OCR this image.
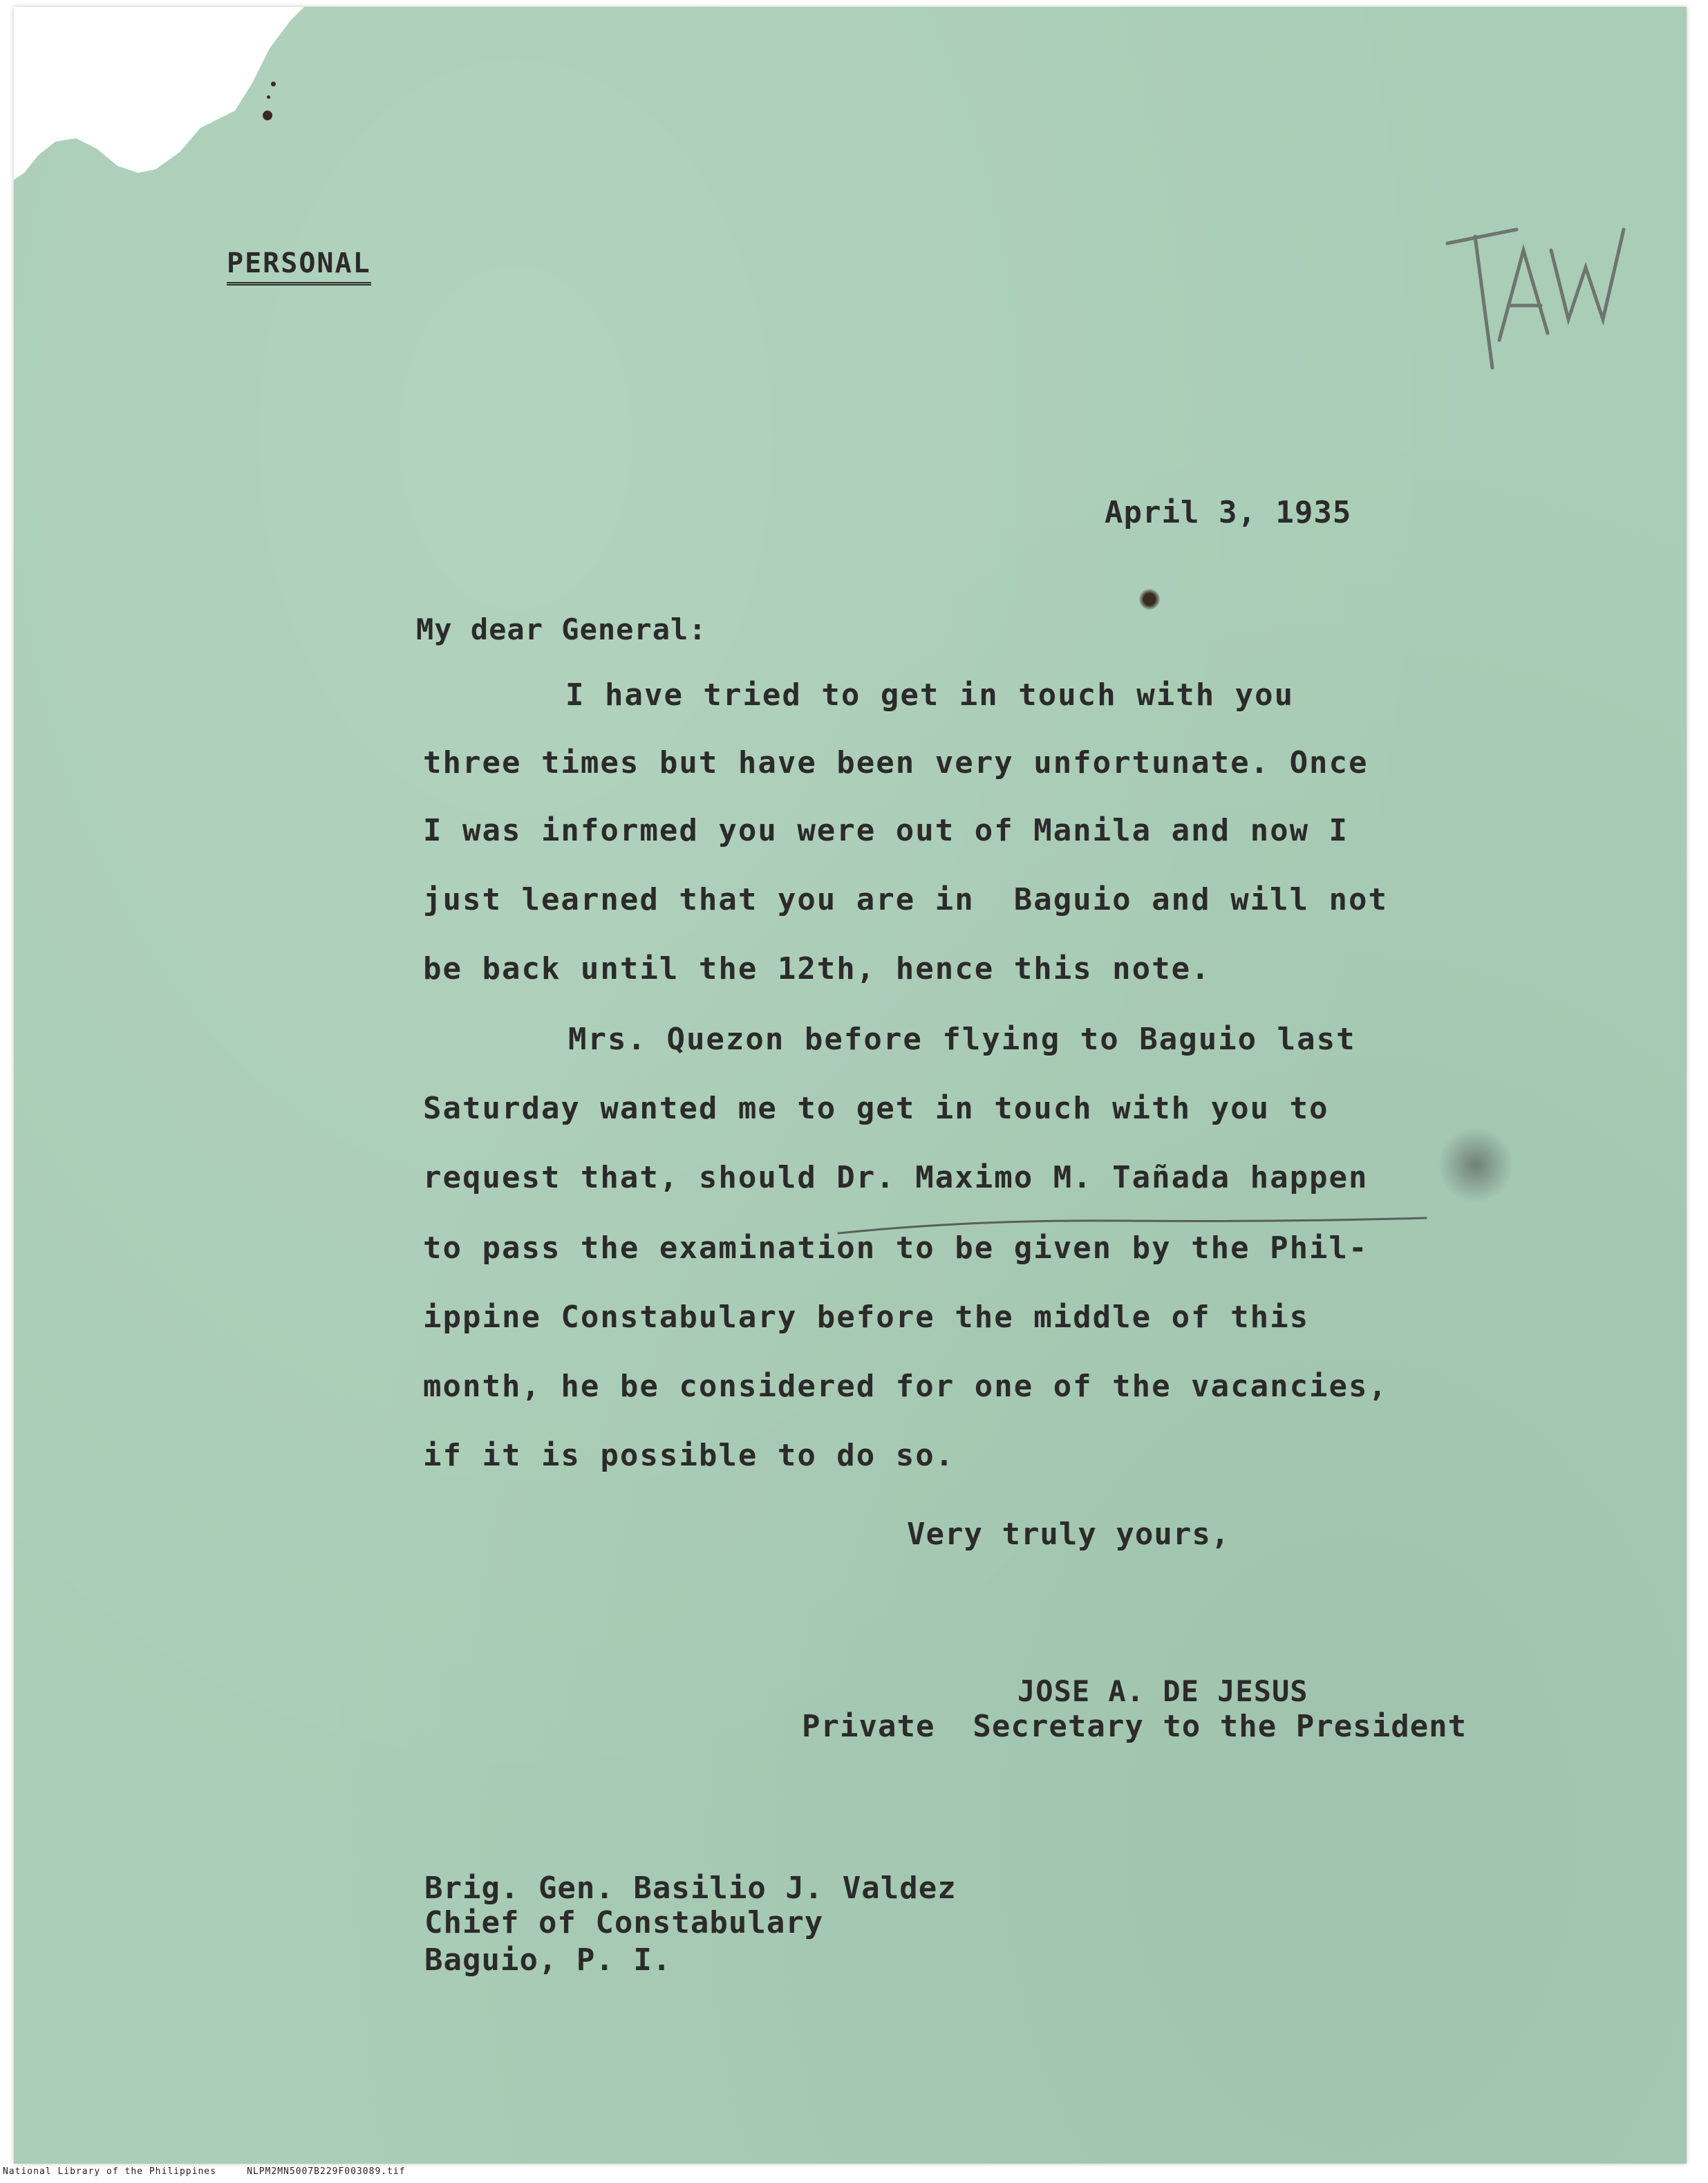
PERSONAL
April 3, 1935
My dear General:
I have tried to get in touch with you
three times but have been very unfortunate. Once
I was informed you were out of Manila and now I
just learned that you are in  Baguio and will not
be back until the 12th, hence this note.
Mrs. Quezon before flying to Baguio last
Saturday wanted me to get in touch with you to
request that, should Dr. Maximo M. Tañada happen
to pass the examination to be given by the Phil-
ippine Constabulary before the middle of this
month, he be considered for one of the vacancies,
if it is possible to do so.
Very truly yours,
JOSE A. DE JESUS
Private  Secretary to the President
Brig. Gen. Basilio J. Valdez
Chief of Constabulary
Baguio, P. I.
National Library of the Philippines	NLPM2MN5007B229F003089.tif
